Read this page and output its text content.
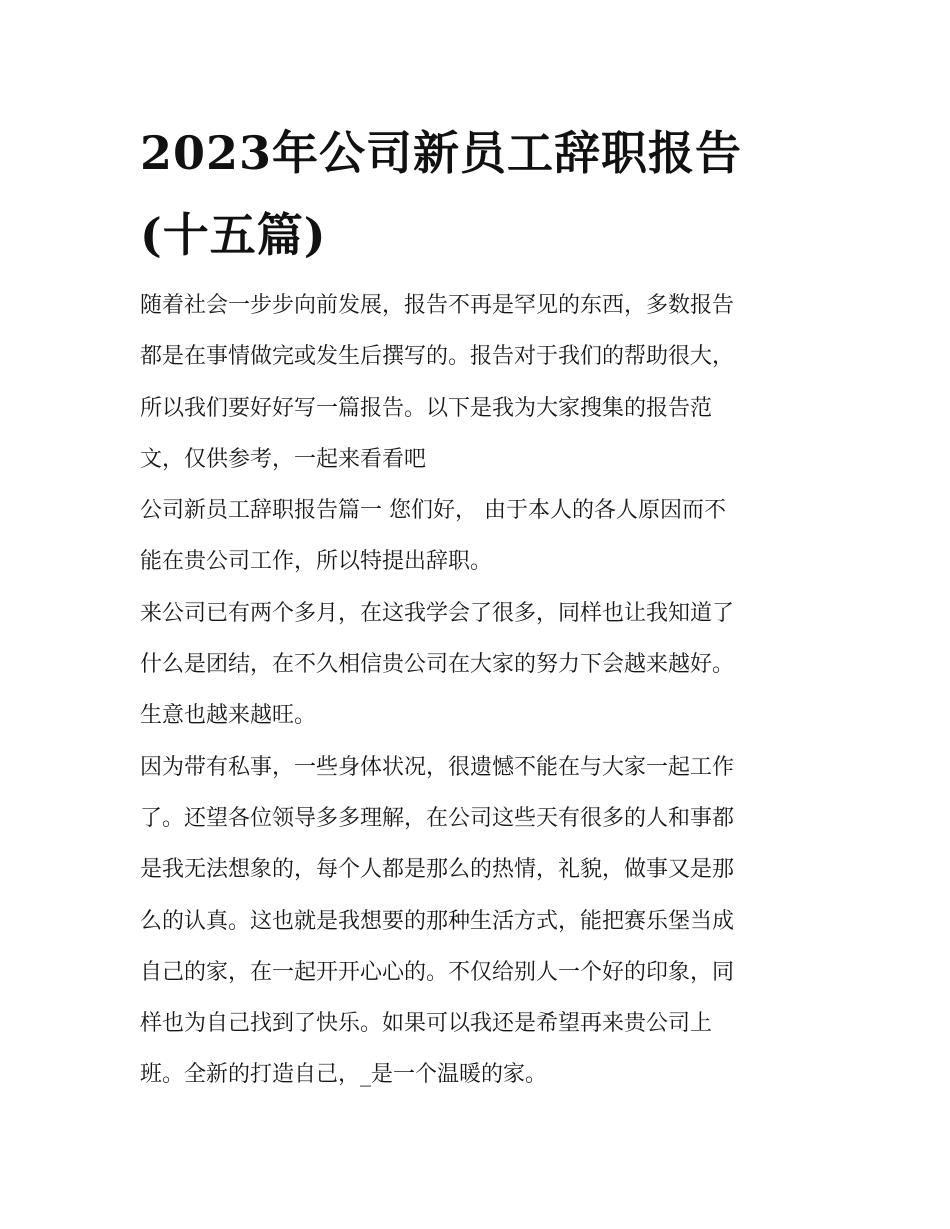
2023年公司新员工辞职报告
(十五篇)
随着社会一步步向前发展，报告不再是罕见的东西，多数报告
都是在事情做完或发生后撰写的。报告对于我们的帮助很大，
所以我们要好好写一篇报告。以下是我为大家搜集的报告范
文，仅供参考，一起来看看吧
公司新员工辞职报告篇一 您们好， 由于本人的各人原因而不
能在贵公司工作，所以特提出辞职。
来公司已有两个多月，在这我学会了很多，同样也让我知道了
什么是团结，在不久相信贵公司在大家的努力下会越来越好。
生意也越来越旺。
因为带有私事，一些身体状况，很遗憾不能在与大家一起工作
了。还望各位领导多多理解，在公司这些天有很多的人和事都
是我无法想象的，每个人都是那么的热情，礼貌，做事又是那
么的认真。这也就是我想要的那种生活方式，能把赛乐堡当成
自己的家，在一起开开心心的。不仅给别人一个好的印象，同
样也为自己找到了快乐。如果可以我还是希望再来贵公司上
班。全新的打造自己，_是一个温暖的家。
